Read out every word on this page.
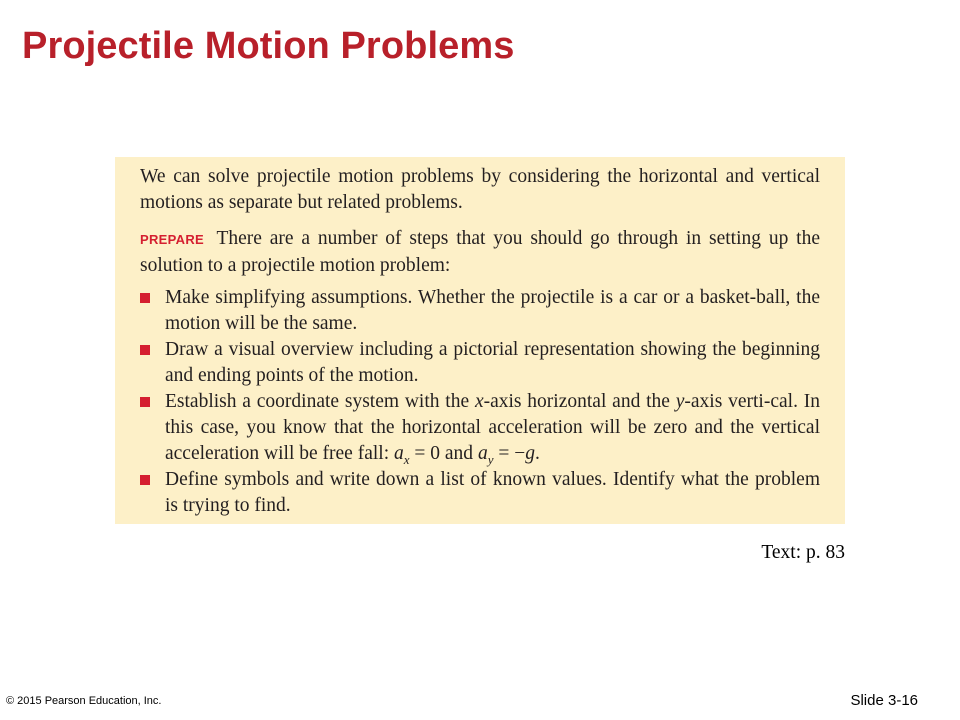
Projectile Motion Problems

We can solve projectile motion problems by considering the horizontal and vertical motions as separate but related problems.

PREPARE There are a number of steps that you should go through in setting up the solution to a projectile motion problem:

Make simplifying assumptions. Whether the projectile is a car or a basket-ball, the motion will be the same.
Draw a visual overview including a pictorial representation showing the beginning and ending points of the motion.
Establish a coordinate system with the x-axis horizontal and the y-axis verti-cal. In this case, you know that the horizontal acceleration will be zero and the vertical acceleration will be free fall: $a_x = 0$ and $a_y = -g$.
Define symbols and write down a list of known values. Identify what the problem is trying to find.

Text: p. 83

© 2015 Pearson Education, Inc.	Slide 3-16
